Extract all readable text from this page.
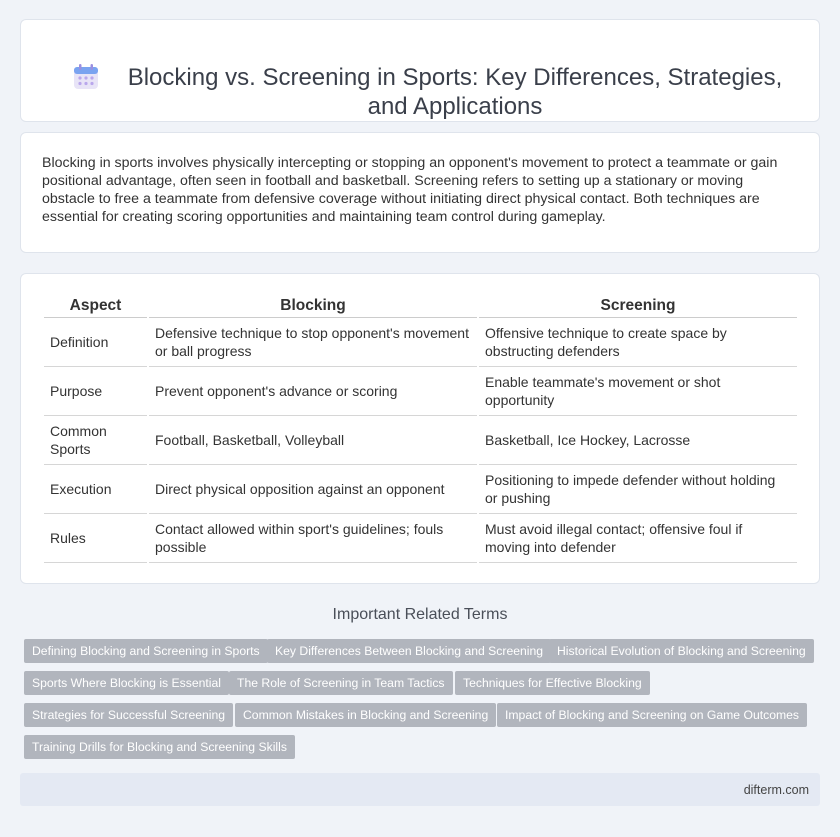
Blocking vs. Screening in Sports: Key Differences, Strategies, and Applications

Blocking in sports involves physically intercepting or stopping an opponent's movement to protect a teammate or gain positional advantage, often seen in football and basketball. Screening refers to setting up a stationary or moving obstacle to free a teammate from defensive coverage without initiating direct physical contact. Both techniques are essential for creating scoring opportunities and maintaining team control during gameplay.

Aspect	Blocking	Screening
Definition	Defensive technique to stop opponent's movement or ball progress	Offensive technique to create space by obstructing defenders
Purpose	Prevent opponent's advance or scoring	Enable teammate's movement or shot opportunity
Common Sports	Football, Basketball, Volleyball	Basketball, Ice Hockey, Lacrosse
Execution	Direct physical opposition against an opponent	Positioning to impede defender without holding or pushing
Rules	Contact allowed within sport's guidelines; fouls possible	Must avoid illegal contact; offensive foul if moving into defender
Important Related Terms
Defining Blocking and Screening in Sports	Key Differences Between Blocking and Screening	Historical Evolution of Blocking and Screening
Sports Where Blocking is Essential	The Role of Screening in Team Tactics	Techniques for Effective Blocking
Strategies for Successful Screening	Common Mistakes in Blocking and Screening	Impact of Blocking and Screening on Game Outcomes
Training Drills for Blocking and Screening Skills
difterm.com
